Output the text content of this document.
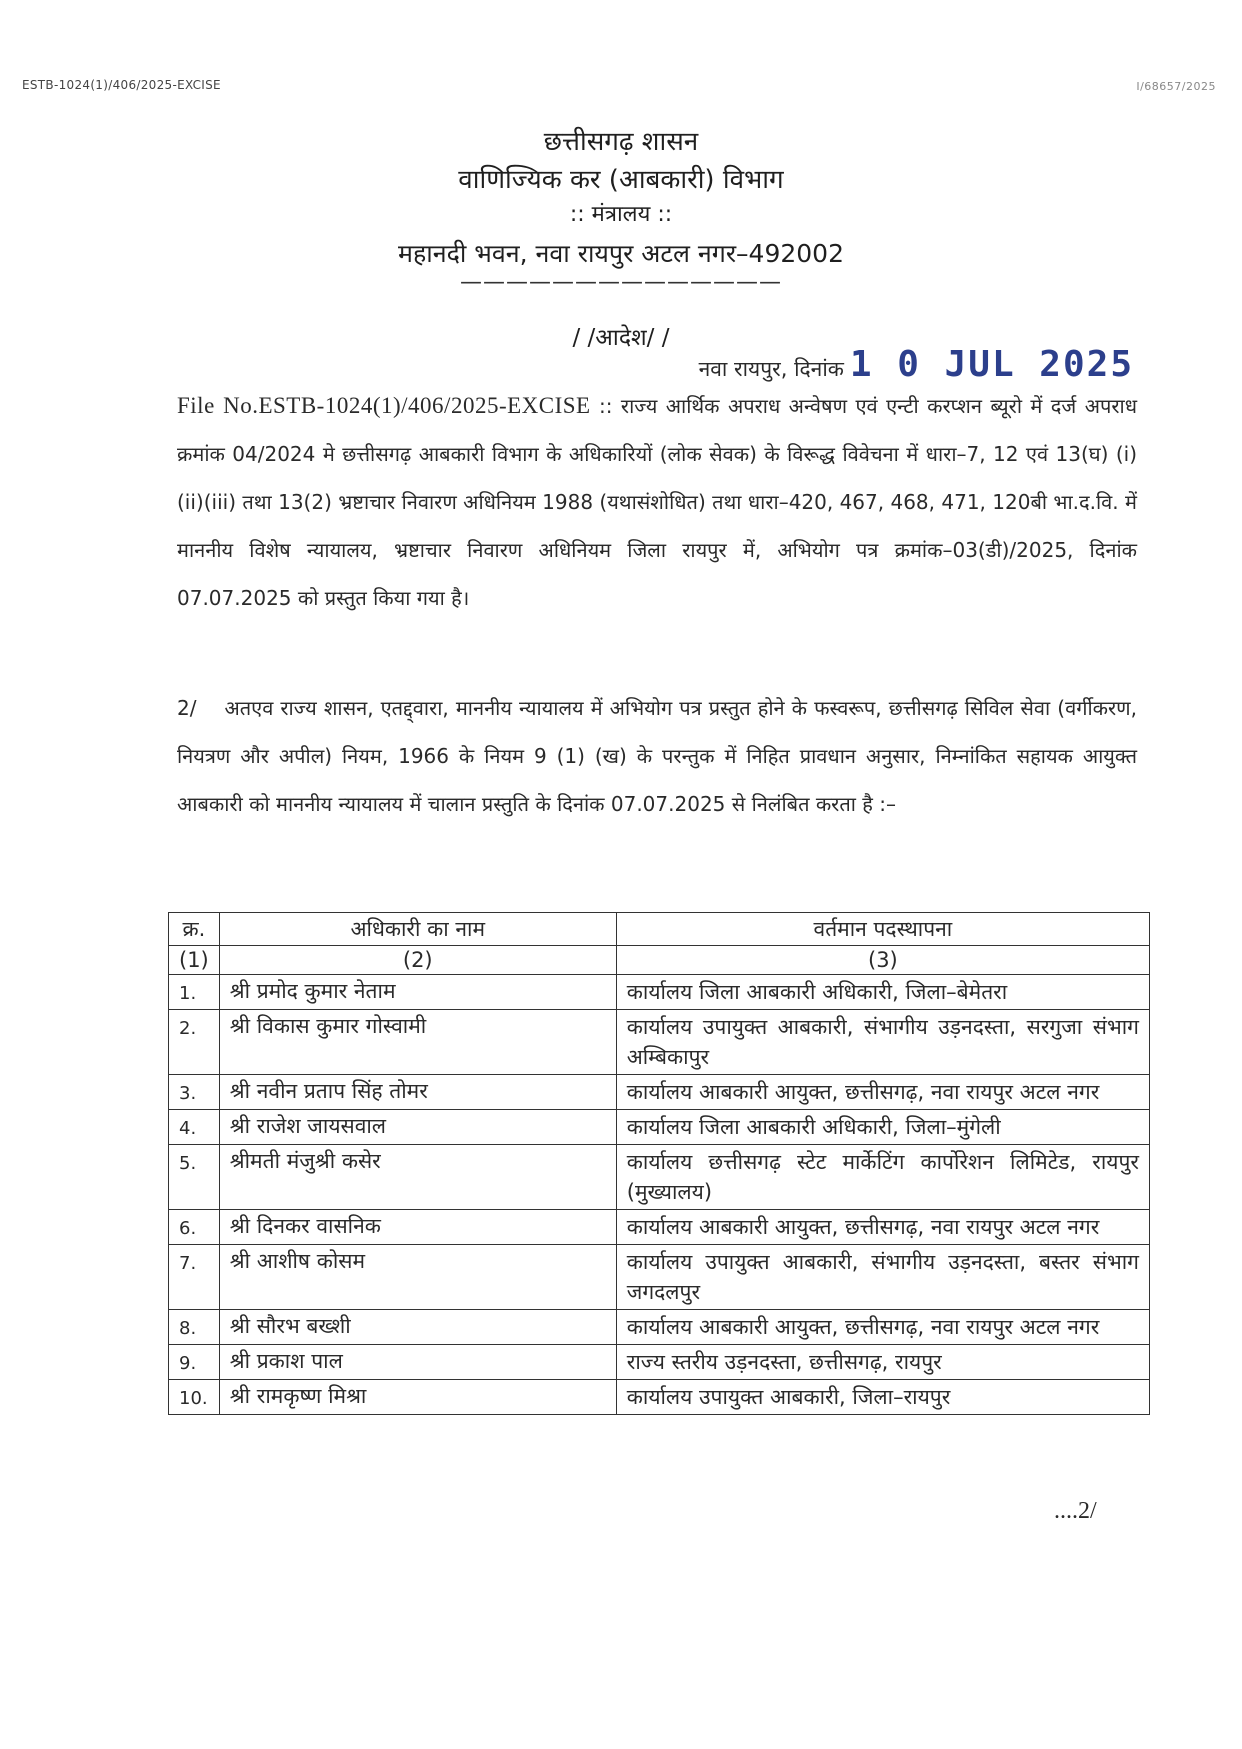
ESTB-1024(1)/406/2025-EXCISE	I/68657/2025
छत्तीसगढ़ शासन
वाणिज्यिक कर (आबकारी) विभाग
:: मंत्रालय ::
महानदी भवन, नवा रायपुर अटल नगर–492002
——————————————
/ /आदेश/ /
नवा रायपुर, दिनांक 1 0 JUL 2025
File No.ESTB-1024(1)/406/2025-EXCISE :: राज्य आर्थिक अपराध अन्वेषण एवं एन्टी करप्शन ब्यूरो में दर्ज अपराध क्रमांक 04/2024 मे छत्तीसगढ़ आबकारी विभाग के अधिकारियों (लोक सेवक) के विरूद्ध विवेचना में धारा–7, 12 एवं 13(घ) (i)(ii)(iii) तथा 13(2) भ्रष्टाचार निवारण अधिनियम 1988 (यथासंशोधित) तथा धारा–420, 467, 468, 471, 120बी भा.द.वि. में माननीय विशेष न्यायालय, भ्रष्टाचार निवारण अधिनियम जिला रायपुर में, अभियोग पत्र क्रमांक–03(डी)/2025, दिनांक 07.07.2025 को प्रस्तुत किया गया है।
2/ अतएव राज्य शासन, एतद्द्वारा, माननीय न्यायालय में अभियोग पत्र प्रस्तुत होने के फस्वरूप, छत्तीसगढ़ सिविल सेवा (वर्गीकरण, नियत्रण और अपील) नियम, 1966 के नियम 9 (1) (ख) के परन्तुक में निहित प्रावधान अनुसार, निम्नांकित सहायक आयुक्त आबकारी को माननीय न्यायालय में चालान प्रस्तुति के दिनांक 07.07.2025 से निलंबित करता है :–
क्र.	अधिकारी का नाम	वर्तमान पदस्थापना
(1)	(2)	(3)
1.	श्री प्रमोद कुमार नेताम	कार्यालय जिला आबकारी अधिकारी, जिला–बेमेतरा
2.	श्री विकास कुमार गोस्वामी	कार्यालय उपायुक्त आबकारी, संभागीय उड़नदस्ता, सरगुजा संभाग अम्बिकापुर
3.	श्री नवीन प्रताप सिंह तोमर	कार्यालय आबकारी आयुक्त, छत्तीसगढ़, नवा रायपुर अटल नगर
4.	श्री राजेश जायसवाल	कार्यालय जिला आबकारी अधिकारी, जिला–मुंगेली
5.	श्रीमती मंजुश्री कसेर	कार्यालय छत्तीसगढ़ स्टेट मार्केटिंग कार्पोरेशन लिमिटेड, रायपुर (मुख्यालय)
6.	श्री दिनकर वासनिक	कार्यालय आबकारी आयुक्त, छत्तीसगढ़, नवा रायपुर अटल नगर
7.	श्री आशीष कोसम	कार्यालय उपायुक्त आबकारी, संभागीय उड़नदस्ता, बस्तर संभाग जगदलपुर
8.	श्री सौरभ बख्शी	कार्यालय आबकारी आयुक्त, छत्तीसगढ़, नवा रायपुर अटल नगर
9.	श्री प्रकाश पाल	राज्य स्तरीय उड़नदस्ता, छत्तीसगढ़, रायपुर
10.	श्री रामकृष्ण मिश्रा	कार्यालय उपायुक्त आबकारी, जिला–रायपुर
....2/
